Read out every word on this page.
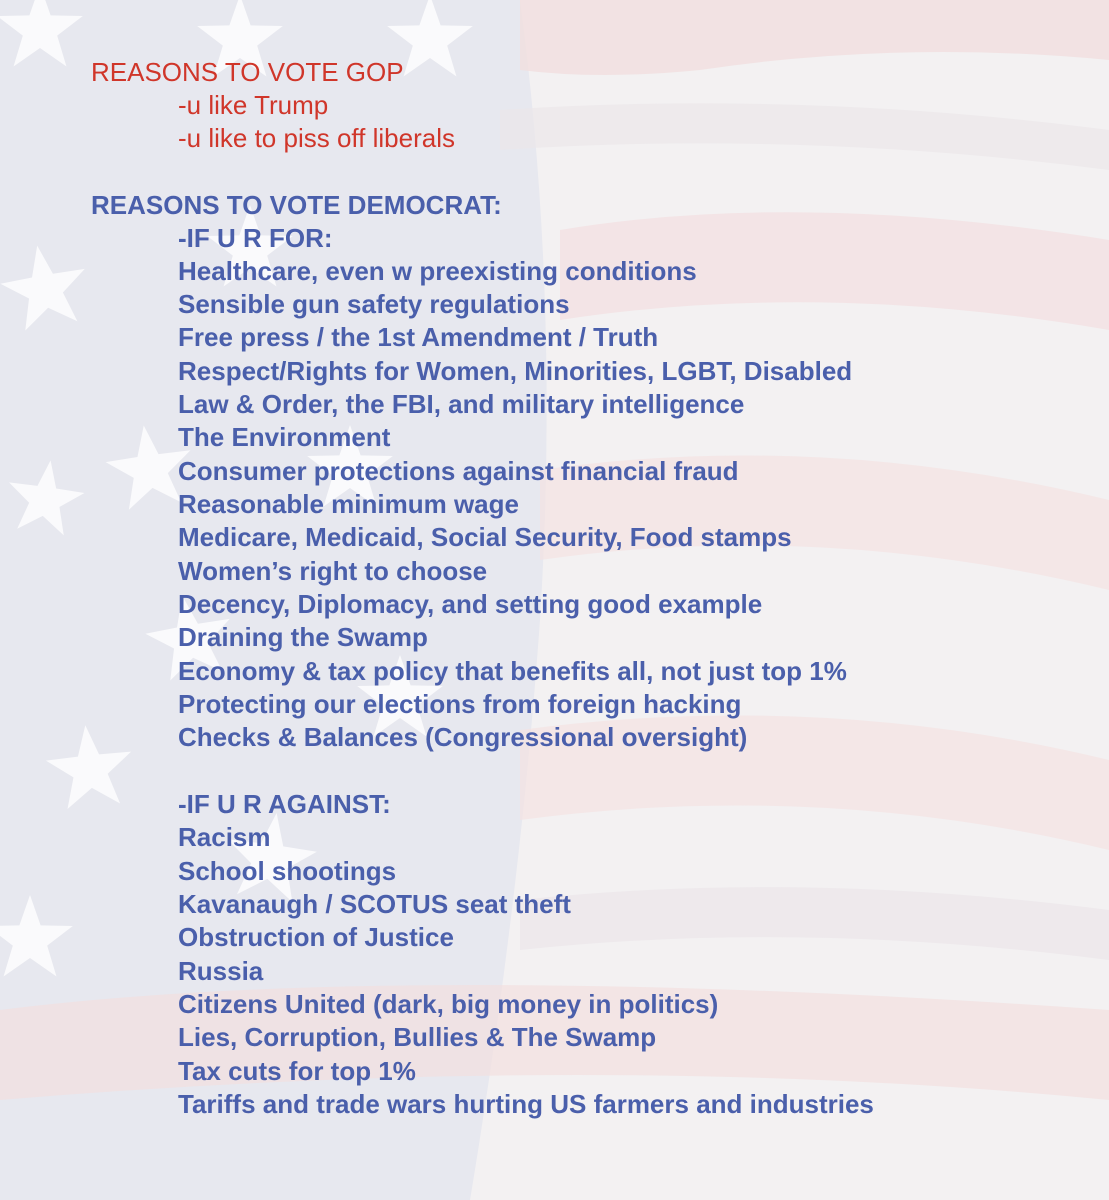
REASONS TO VOTE GOP
-u like Trump
-u like to piss off liberals
REASONS TO VOTE DEMOCRAT:
-IF U R FOR:
Healthcare, even w preexisting conditions
Sensible gun safety regulations
Free press / the 1st Amendment / Truth
Respect/Rights for Women, Minorities, LGBT, Disabled
Law & Order, the FBI, and military intelligence
The Environment
Consumer protections against financial fraud
Reasonable minimum wage
Medicare, Medicaid, Social Security, Food stamps
Women’s right to choose
Decency, Diplomacy, and setting good example
Draining the Swamp
Economy & tax policy that benefits all, not just top 1%
Protecting our elections from foreign hacking
Checks & Balances (Congressional oversight)
-IF U R AGAINST:
Racism
School shootings
Kavanaugh / SCOTUS seat theft
Obstruction of Justice
Russia
Citizens United (dark, big money in politics)
Lies, Corruption, Bullies & The Swamp
Tax cuts for top 1%
Tariffs and trade wars hurting US farmers and industries
